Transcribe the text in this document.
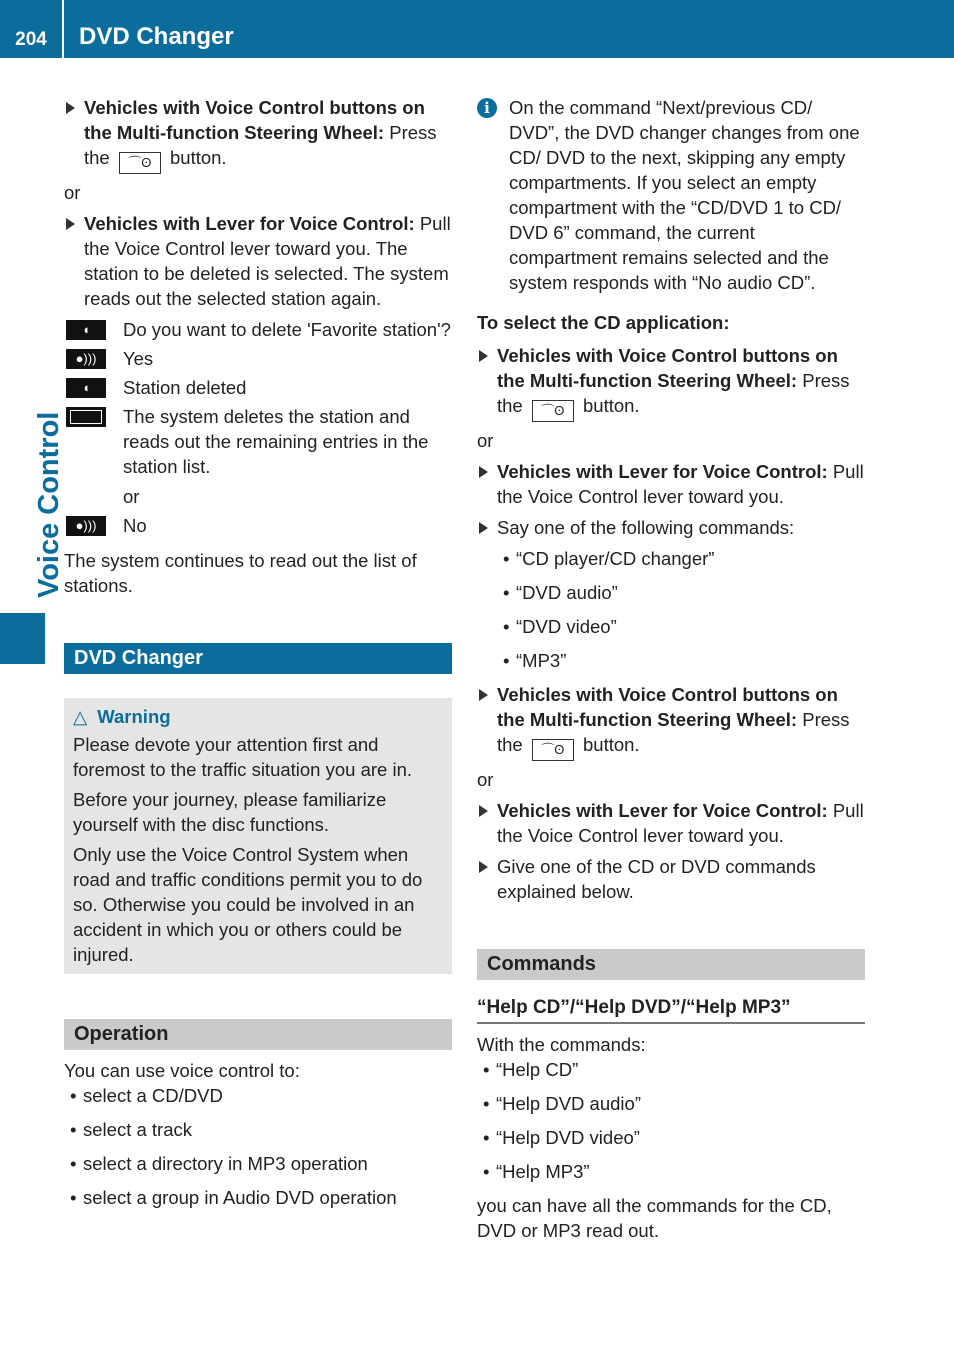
204	DVD Changer
Voice Control
Vehicles with Voice Control buttons on the Multi-function Steering Wheel: Press the ⌒ʘ button.

or

Vehicles with Lever for Voice Control: Pull the Voice Control lever toward you. The station to be deleted is selected. The system reads out the selected station again.
◖	Do you want to delete 'Favorite station'?
●)))	Yes
◖	Station deleted
The system deletes the station and reads out the remaining entries in the station list.

or

●)))	No

The system continues to read out the list of stations.

DVD Changer
△ Warning

Please devote your attention first and foremost to the traffic situation you are in.

Before your journey, please familiarize yourself with the disc functions.

Only use the Voice Control System when road and traffic conditions permit you to do so. Otherwise you could be involved in an accident in which you or others could be injured.

Operation

You can use voice control to:

• select a CD/DVD
• select a track
• select a directory in MP3 operation
• select a group in Audio DVD operation
i	On the command “Next/previous CD/ DVD”, the DVD changer changes from one CD/ DVD to the next, skipping any empty compartments. If you select an empty compartment with the “CD/DVD 1 to CD/ DVD 6” command, the current compartment remains selected and the system responds with “No audio CD”.

To select the CD application:

Vehicles with Voice Control buttons on the Multi-function Steering Wheel: Press the ⌒ʘ button.

or

Vehicles with Lever for Voice Control: Pull the Voice Control lever toward you.
Say one of the following commands:
• “CD player/CD changer”
• “DVD audio”
• “DVD video”
• “MP3”
Vehicles with Voice Control buttons on the Multi-function Steering Wheel: Press the ⌒ʘ button.

or

Vehicles with Lever for Voice Control: Pull the Voice Control lever toward you.
Give one of the CD or DVD commands explained below.
Commands
“Help CD”/“Help DVD”/“Help MP3”

With the commands:

• “Help CD”
• “Help DVD audio”
• “Help DVD video”
• “Help MP3”

you can have all the commands for the CD, DVD or MP3 read out.
